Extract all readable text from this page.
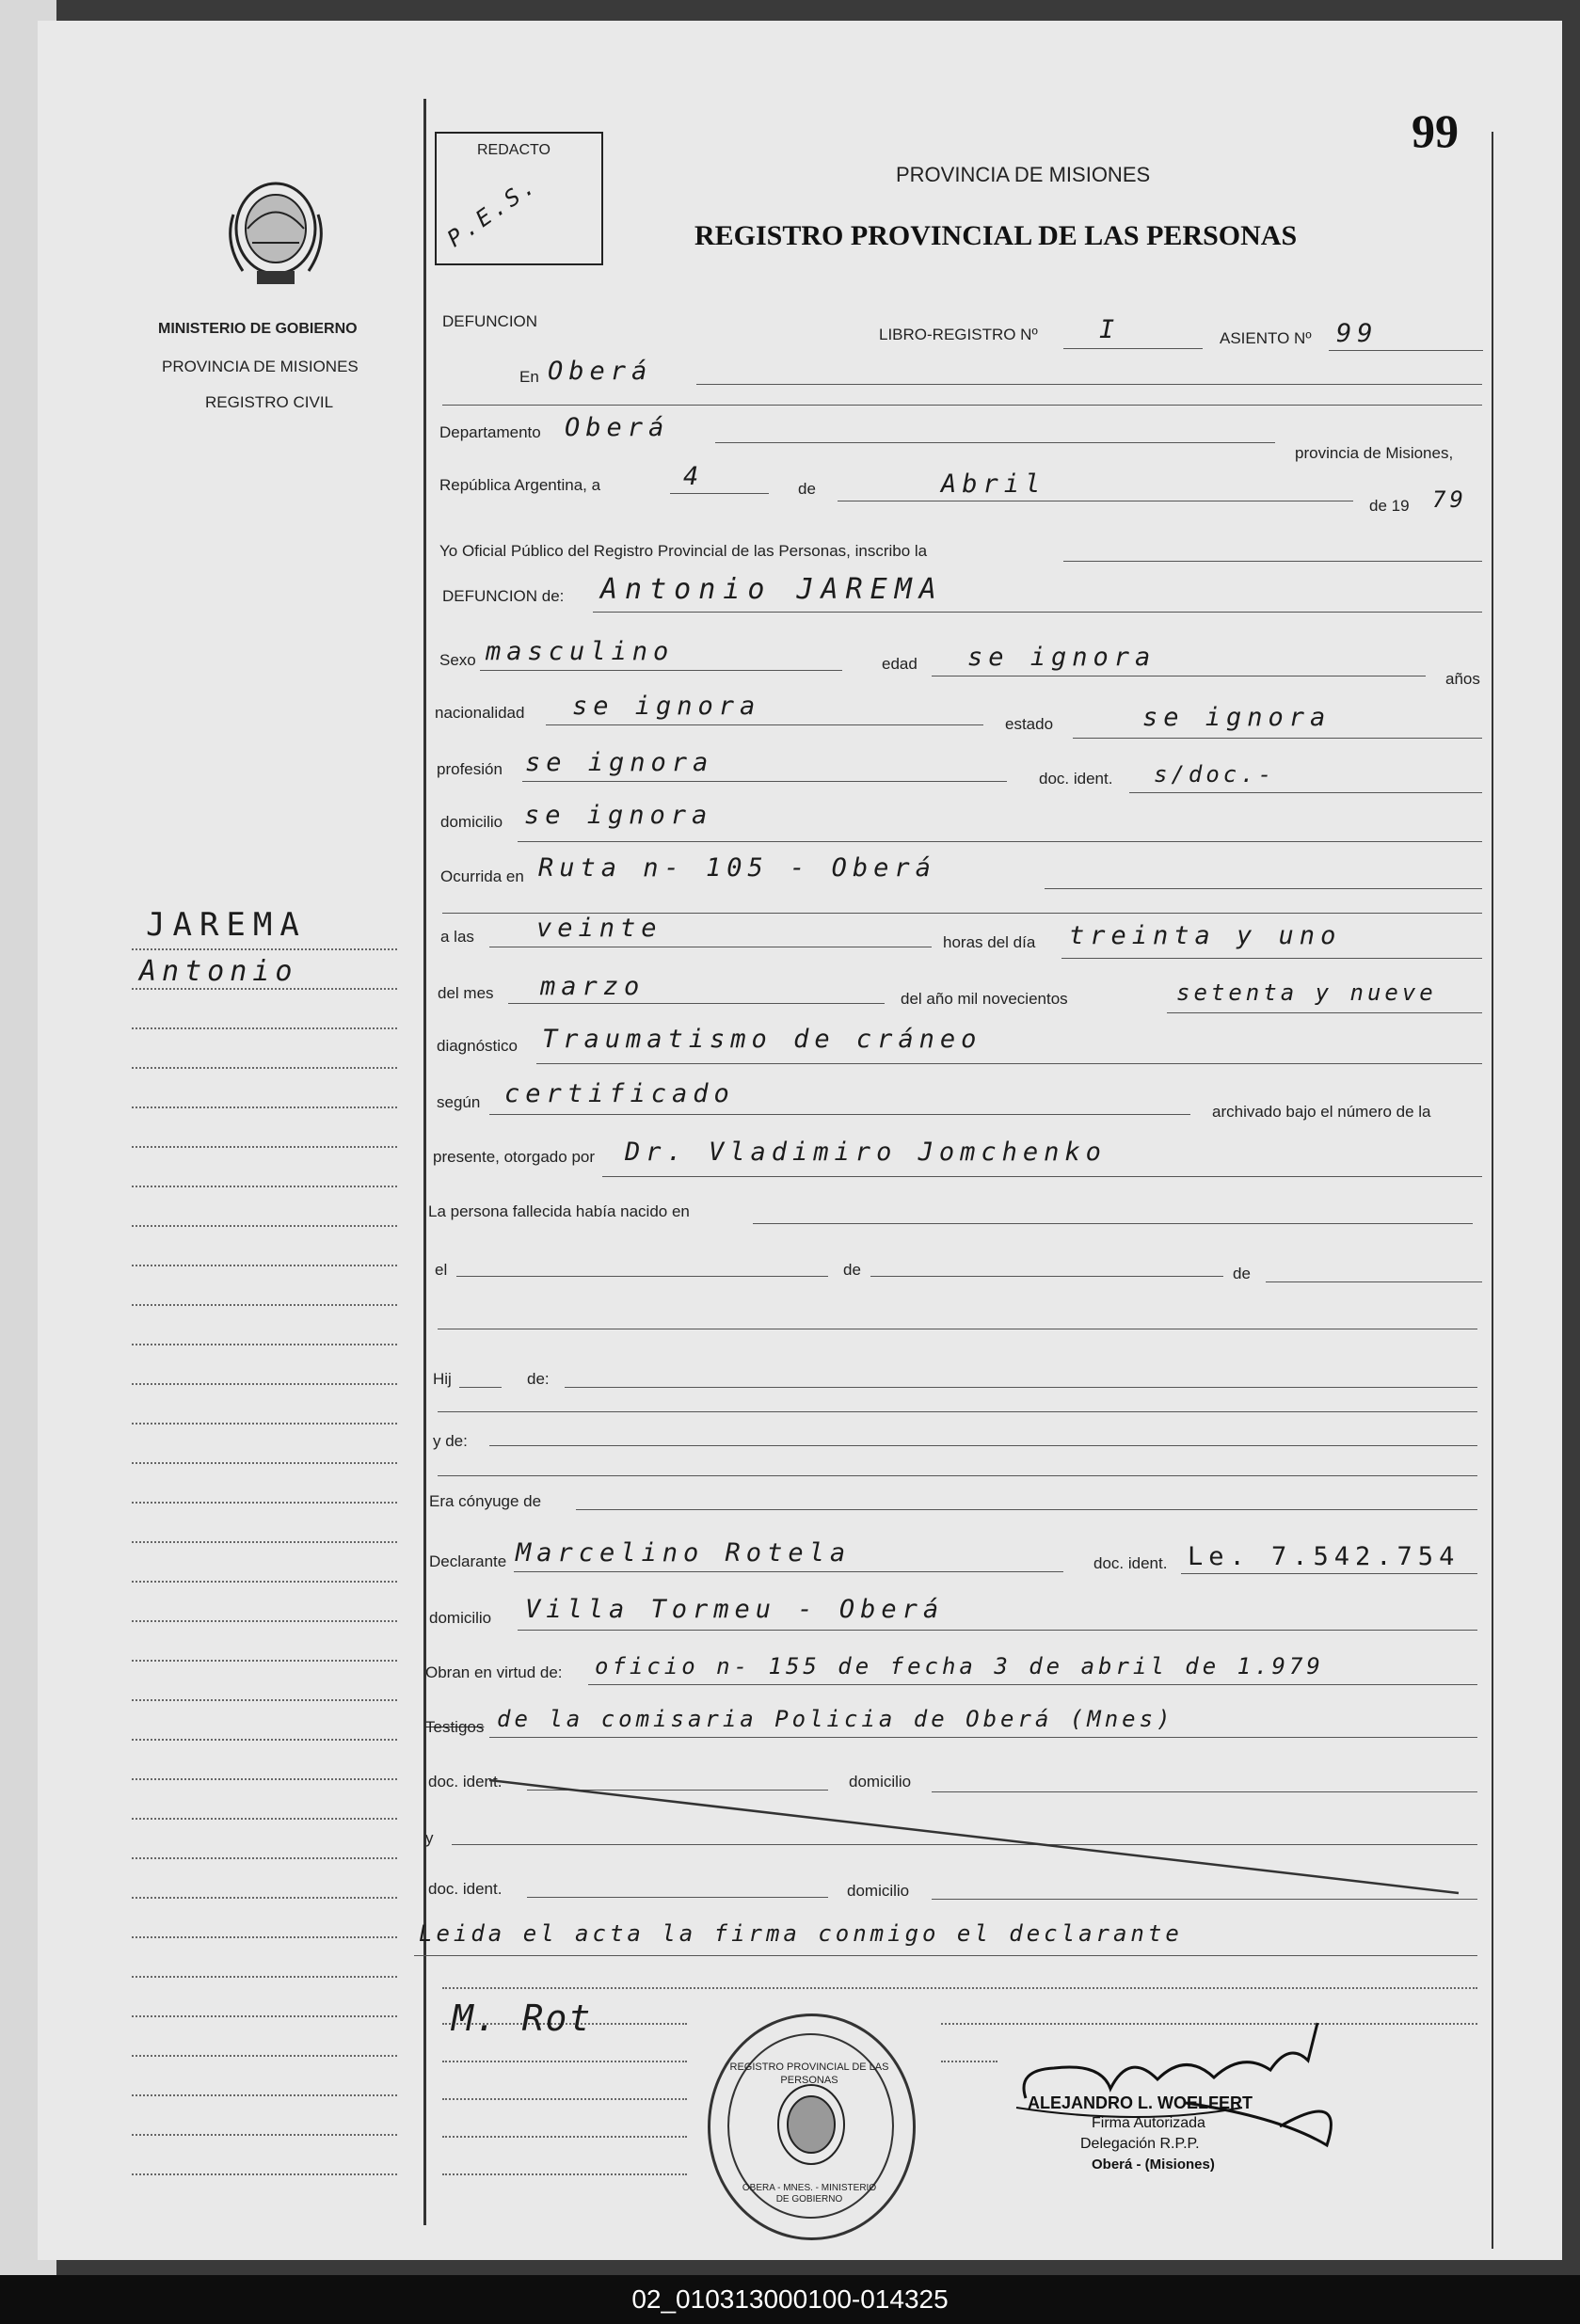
99
MINISTERIO DE GOBIERNO
PROVINCIA DE MISIONES
REGISTRO CIVIL
JAREMA
Antonio
REDACTO
P.E.S.	PROVINCIA DE MISIONES
REGISTRO PROVINCIAL DE LAS PERSONAS
DEFUNCION
LIBRO-REGISTRO Nº I	ASIENTO Nº 99
En Oberá
Departamento Oberá
provincia de Misiones,
República Argentina, a	4	de	Abril
de 19 79
Yo Oficial Público del Registro Provincial de las Personas, inscribo la
DEFUNCION de: Antonio JAREMA
Sexo masculino	edad se ignora
años
nacionalidad se ignora
estado	se ignora
profesión se ignora
doc. ident. s/doc.-
domicilio se ignora
Ocurrida en Ruta n- 105 - Oberá
a las veinte	horas del día treinta y uno
del mes marzo	del año mil novecientos	setenta y nueve
diagnóstico Traumatismo de cráneo
según certificado
archivado bajo el número de la
presente, otorgado por Dr. Vladimiro Jomchenko
La persona fallecida había nacido en
el	de	de
Hij	de:
y de:
Era cónyuge de
Declarante Marcelino Rotela	doc. ident. Le. 7.542.754
domicilio Villa Tormeu - Oberá
Obran en virtud de: oficio n- 155 de fecha 3 de abril de 1.979
Testigos de la comisaria Policia de Oberá (Mnes)
doc. ident.	domicilio
y
doc. ident.	domicilio
Leida el acta la firma conmigo el declarante
M. Rot
REGISTRO PROVINCIAL DE LAS PERSONAS
OBERA - MNES. - MINISTERIO DE GOBIERNO
ALEJANDRO L. WOELFERT
Firma Autorizada
Delegación R.P.P.
Oberá - (Misiones)
02_010313000100-014325
